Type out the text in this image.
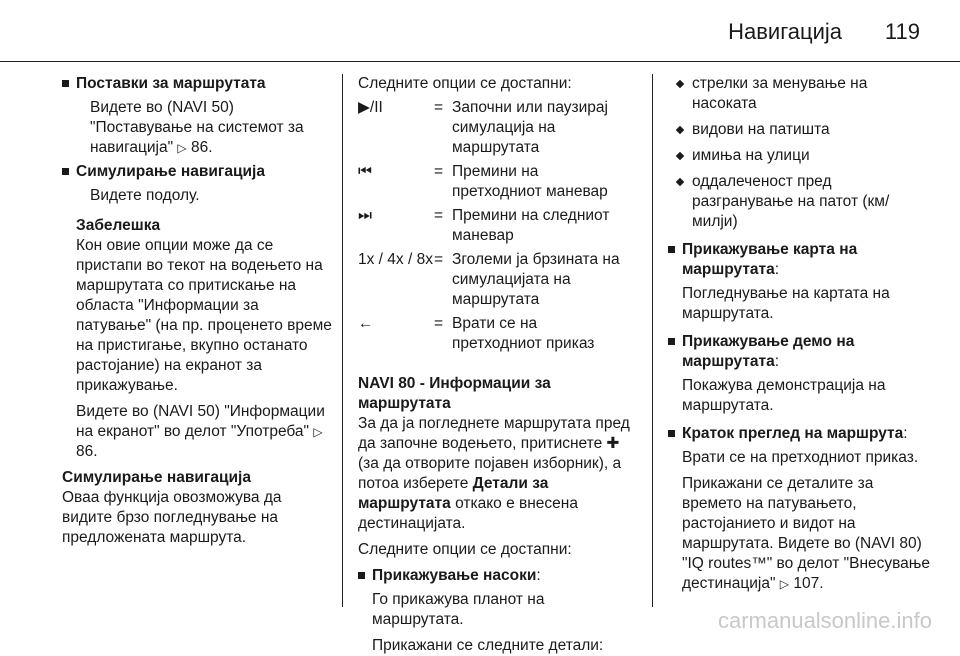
Навигација 119
Поставки за маршрутата
Видете во (NAVI 50) "Поставување на системот за навигација" ▷ 86.
Симулирање навигација
Видете подолу.
Забелешка
Кон овие опции може да се пристапи во текот на водењето на маршрутата со притискање на областа "Информации за патување" (на пр. проценето време на пристигање, вкупно останато растојание) на екранот за прикажување.
Видете во (NAVI 50) "Информации на екранот" во делот "Употреба" ▷ 86.
Симулирање навигација
Оваа функција овозможува да видите брзо погледнувањe на предложената маршрута.
Следните опции се достапни:
▶/II	= Започни или паузирај симулација на маршрутата
⏮	= Премини на претходниот маневар
⏭	= Премини на следниот маневар
1x / 4x / 8x = Зголеми ја брзината на симулацијата на маршрутата
←	= Врати се на претходниот приказ
NAVI 80 - Информации за маршрутата
За да ја погледнете маршрутата пред да започне водењето, притиснете ✚ (за да отворите појавен изборник), а потоа изберете Детали за маршрутата откако е внесена дестинацијата.
Следните опции се достапни:
Прикажување насоки:
Го прикажува планот на маршрутата.
Прикажани се следните детали:
стрелки за менување на насоката
видови на патишта
имиња на улици
оддалеченост пред разгранување на патот (км/ милји)
Прикажување карта на маршрутата:
Погледнување на картата на маршрутата.
Прикажување демо на маршрутата:
Покажува демонстрација на маршрутата.
Краток преглед на маршрута:
Врати се на претходниот приказ.
Прикажани се деталите за времето на патувањето, растојанието и видот на маршрутата. Видете во (NAVI 80) "IQ routes™" во делот "Внесување дестинација" ▷ 107.
carmanualsonline.info
